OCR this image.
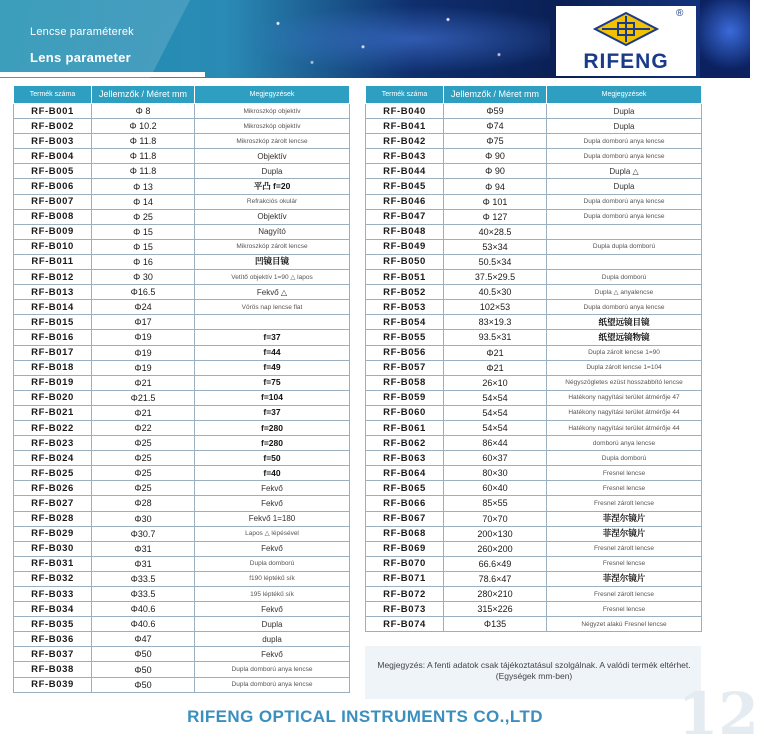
Lencse paraméterek
Lens parameter	RIFENG
®
Termék száma	Jellemzők / Méret mm	Megjegyzések
RF-B001	Φ 8	Mikroszkóp objektív
RF-B002	Φ 10.2	Mikroszkóp objektív
RF-B003	Φ 11.8	Mikroszkóp zárolt lencse
RF-B004	Φ 11.8	Objektív
RF-B005	Φ 11.8	Dupla
RF-B006	Φ 13	平凸 f=20
RF-B007	Φ 14	Refrakciós okulár
RF-B008	Φ 25	Objektív
RF-B009	Φ 15	Nagyító
RF-B010	Φ 15	Mikroszkóp zárolt lencse
RF-B011	Φ 16	凹镜目镜
RF-B012	Φ 30	Vetítő objektív 1=90 △ lapos
RF-B013	Φ16.5	Fekvő △
RF-B014	Φ24	Vörös nap lencse flat
RF-B015	Φ17	
RF-B016	Φ19	f=37
RF-B017	Φ19	f=44
RF-B018	Φ19	f=49
RF-B019	Φ21	f=75
RF-B020	Φ21.5	f=104
RF-B021	Φ21	f=37
RF-B022	Φ22	f=280
RF-B023	Φ25	f=280
RF-B024	Φ25	f=50
RF-B025	Φ25	f=40
RF-B026	Φ25	Fekvő
RF-B027	Φ28	Fekvő
RF-B028	Φ30	Fekvő 1=180
RF-B029	Φ30.7	Lapos △ lépésével
RF-B030	Φ31	Fekvő
RF-B031	Φ31	Dupla domború
RF-B032	Φ33.5	f190 léptékű sík
RF-B033	Φ33.5	195 léptékű sík
RF-B034	Φ40.6	Fekvő
RF-B035	Φ40.6	Dupla
RF-B036	Φ47	dupla
RF-B037	Φ50	Fekvő
RF-B038	Φ50	Dupla domború anya lencse
RF-B039	Φ50	Dupla domború anya lencse
Termék száma	Jellemzők / Méret mm	Megjegyzések
RF-B040	Φ59	Dupla
RF-B041	Φ74	Dupla
RF-B042	Φ75	Dupla domború anya lencse
RF-B043	Φ 90	Dupla domború anya lencse
RF-B044	Φ 90	Dupla △
RF-B045	Φ 94	Dupla
RF-B046	Φ 101	Dupla domború anya lencse
RF-B047	Φ 127	Dupla domború anya lencse
RF-B048	40×28.5	
RF-B049	53×34	Dupla dupla domború
RF-B050	50.5×34	
RF-B051	37.5×29.5	Dupla domború
RF-B052	40.5×30	Dupla △ anyalencse
RF-B053	102×53	Dupla domború anya lencse
RF-B054	83×19.3	纸望远镜目镜
RF-B055	93.5×31	纸望远镜物镜
RF-B056	Φ21	Dupla zárolt lencse 1=90
RF-B057	Φ21	Dupla zárolt lencse 1=104
RF-B058	26×10	Négyszögletes ezüst hosszabbító lencse
RF-B059	54×54	Hatékony nagyítási terület átmérője 47
RF-B060	54×54	Hatékony nagyítási terület átmérője 44
RF-B061	54×54	Hatékony nagyítási terület átmérője 44
RF-B062	86×44	domború anya lencse
RF-B063	60×37	Dupla domború
RF-B064	80×30	Fresnel lencse
RF-B065	60×40	Fresnel lencse
RF-B066	85×55	Fresnel zárolt lencse
RF-B067	70×70	菲涅尔镜片
RF-B068	200×130	菲涅尔镜片
RF-B069	260×200	Fresnel zárolt lencse
RF-B070	66.6×49	Fresnel lencse
RF-B071	78.6×47	菲涅尔镜片
RF-B072	280×210	Fresnel zárolt lencse
RF-B073	315×226	Fresnel lencse
RF-B074	Φ135	Négyzet alakú Fresnel lencse
Megjegyzés: A fenti adatok csak tájékoztatásul szolgálnak. A valódi termék eltérhet. (Egységek mm-ben)
12
RIFENG OPTICAL INSTRUMENTS CO.,LTD
